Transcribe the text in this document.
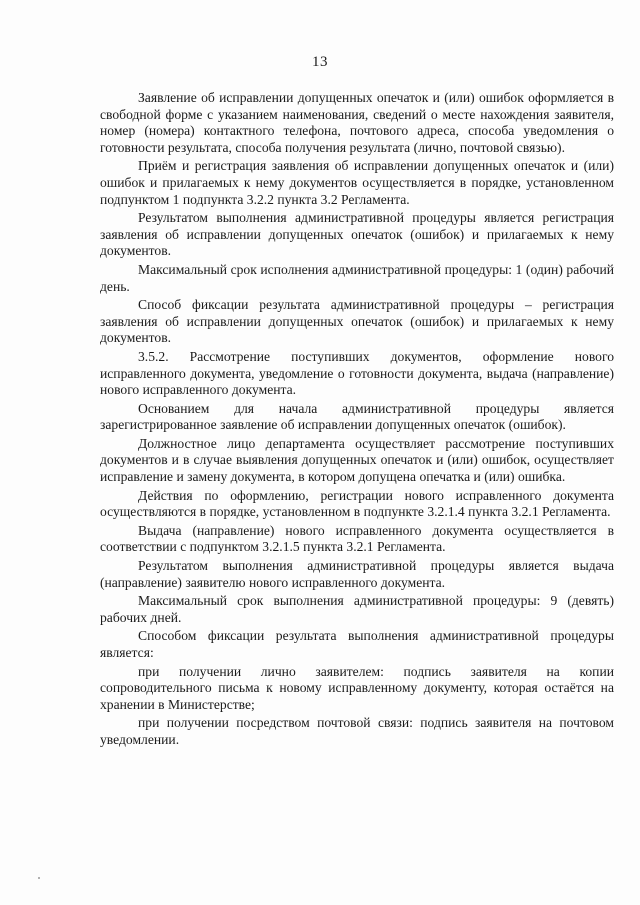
13

Заявление об исправлении допущенных опечаток и (или) ошибок оформляется в свободной форме с указанием наименования, сведений о месте нахождения заявителя, номер (номера) контактного телефона, почтового адреса, способа уведомления о готовности результата, способа получения результата (лично, почтовой связью).

Приём и регистрация заявления об исправлении допущенных опечаток и (или) ошибок и прилагаемых к нему документов осуществляется в порядке, установленном подпунктом 1 подпункта 3.2.2 пункта 3.2 Регламента.

Результатом выполнения административной процедуры является регистрация заявления об исправлении допущенных опечаток (ошибок) и прилагаемых к нему документов.

Максимальный срок исполнения административной процедуры: 1 (один) рабочий день.

Способ фиксации результата административной процедуры – регистрация заявления об исправлении допущенных опечаток (ошибок) и прилагаемых к нему документов.

3.5.2. Рассмотрение поступивших документов, оформление нового исправленного документа, уведомление о готовности документа, выдача (направление) нового исправленного документа.

Основанием для начала административной процедуры является зарегистрированное заявление об исправлении допущенных опечаток (ошибок).

Должностное лицо департамента осуществляет рассмотрение поступивших документов и в случае выявления допущенных опечаток и (или) ошибок, осуществляет исправление и замену документа, в котором допущена опечатка и (или) ошибка.

Действия по оформлению, регистрации нового исправленного документа осуществляются в порядке, установленном в подпункте 3.2.1.4 пункта 3.2.1 Регламента.

Выдача (направление) нового исправленного документа осуществляется в соответствии с подпунктом 3.2.1.5 пункта 3.2.1 Регламента.

Результатом выполнения административной процедуры является выдача (направление) заявителю нового исправленного документа.

Максимальный срок выполнения административной процедуры: 9 (девять) рабочих дней.

Способом фиксации результата выполнения административной процедуры является:

при получении лично заявителем: подпись заявителя на копии сопроводительного письма к новому исправленному документу, которая остаётся на хранении в Министерстве;

при получении посредством почтовой связи: подпись заявителя на почтовом уведомлении.
